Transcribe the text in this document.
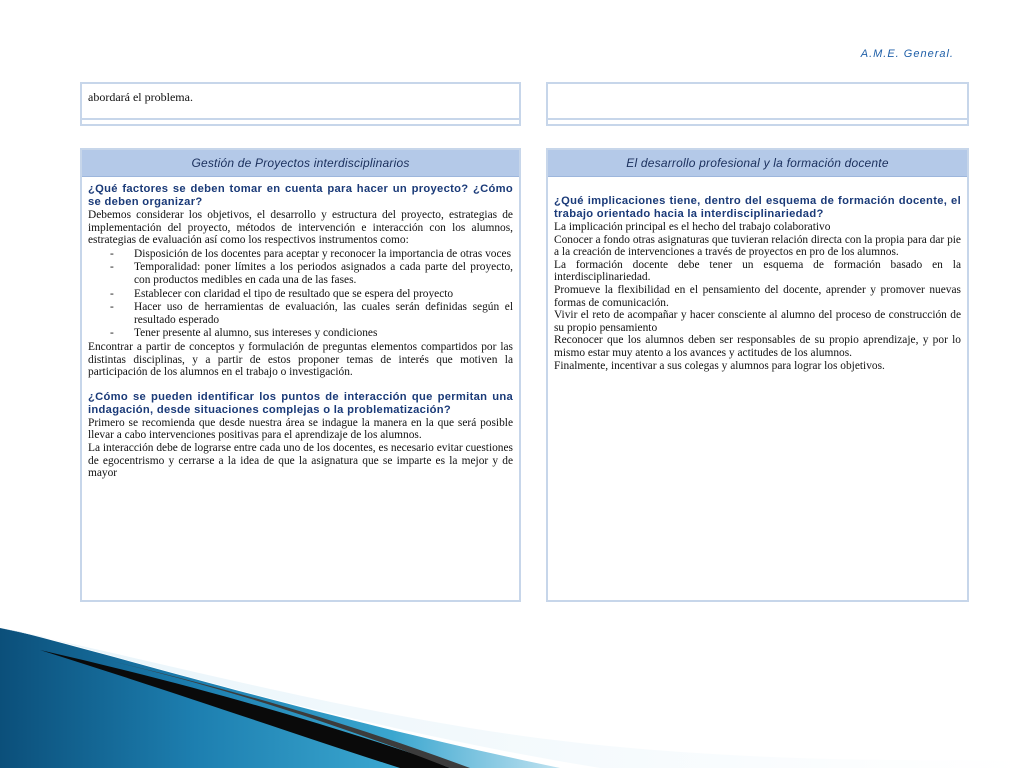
A.M.E. General.
abordará el problema.
Gestión de Proyectos interdisciplinarios
¿Qué factores se deben tomar en cuenta para hacer un proyecto? ¿Cómo se deben organizar?

Debemos considerar los objetivos, el desarrollo y estructura del proyecto, estrategias de implementación del proyecto, métodos de intervención e interacción con los alumnos, estrategias de evaluación así como los respectivos instrumentos como:

- Disposición de los docentes para aceptar y reconocer la importancia de otras voces
- Temporalidad: poner límites a los periodos asignados a cada parte del proyecto, con productos medibles en cada una de las fases.
- Establecer con claridad el tipo de resultado que se espera del proyecto
- Hacer uso de herramientas de evaluación, las cuales serán definidas según el resultado esperado
- Tener presente al alumno, sus intereses y condiciones

Encontrar a partir de conceptos y formulación de preguntas elementos compartidos por las distintas disciplinas, y a partir de estos proponer temas de interés que motiven la participación de los alumnos en el trabajo o investigación.

¿Cómo se pueden identificar los puntos de interacción que permitan una indagación, desde situaciones complejas o la problematización?

Primero se recomienda que desde nuestra área se indague la manera en la que será posible llevar a cabo intervenciones positivas para el aprendizaje de los alumnos.

La interacción debe de lograrse entre cada uno de los docentes, es necesario evitar cuestiones de egocentrismo y cerrarse a la idea de que la asignatura que se imparte es la mejor y de mayor

El desarrollo profesional y la formación docente
¿Qué implicaciones tiene, dentro del esquema de formación docente, el trabajo orientado hacia la interdisciplinariedad?

La implicación principal es el hecho del trabajo colaborativo

Conocer a fondo otras asignaturas que tuvieran relación directa con la propia para dar pie a la creación de intervenciones a través de proyectos en pro de los alumnos.

La formación docente debe tener un esquema de formación basado en la interdisciplinariedad.

Promueve la flexibilidad en el pensamiento del docente, aprender y promover nuevas formas de comunicación.

Vivir el reto de acompañar y hacer consciente al alumno del proceso de construcción de su propio pensamiento

Reconocer que los alumnos deben ser responsables de su propio aprendizaje, y por lo mismo estar muy atento a los avances y actitudes de los alumnos.

Finalmente, incentivar a sus colegas y alumnos para lograr los objetivos.
